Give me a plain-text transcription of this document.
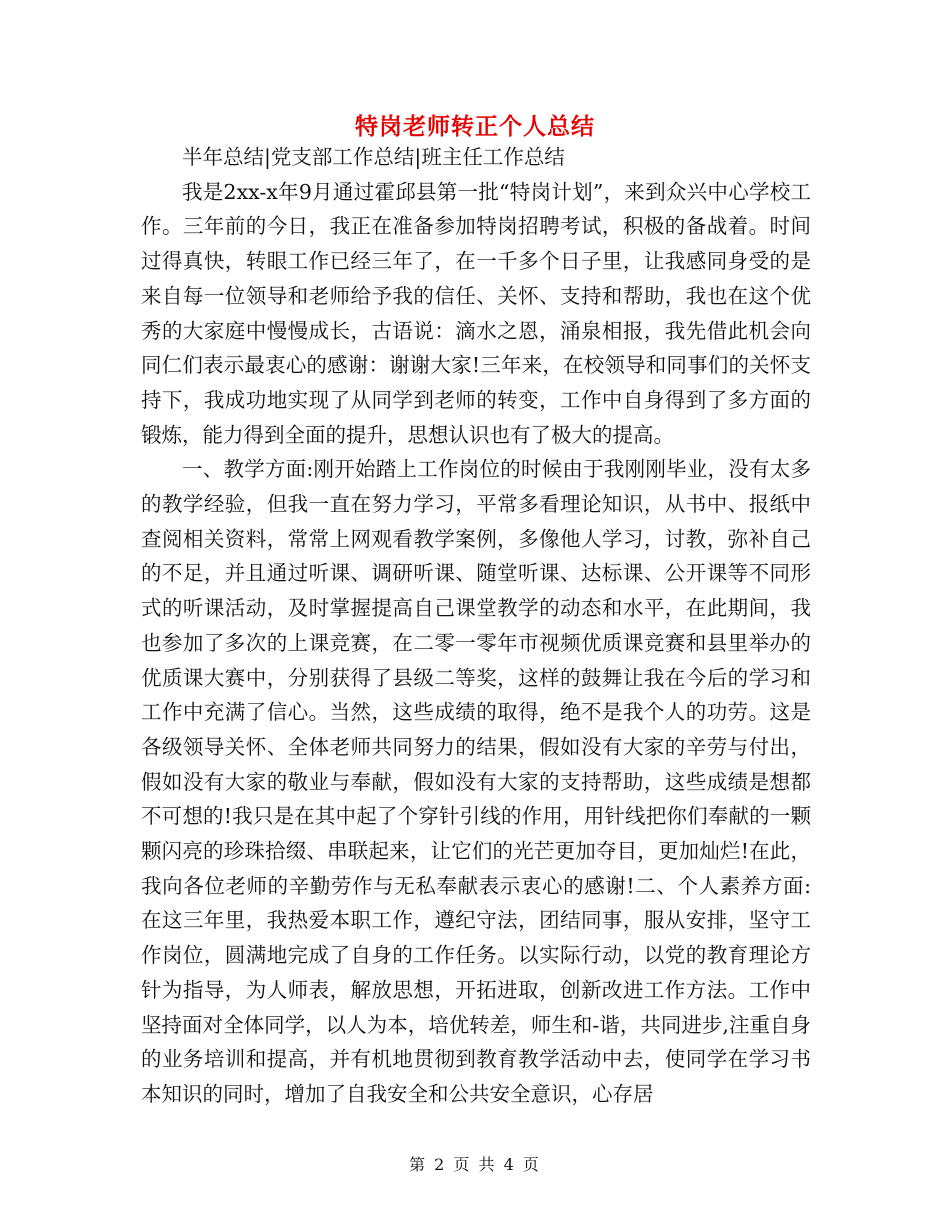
特岗老师转正个人总结

半年总结|党支部工作总结|班主任工作总结

我是2xx-x年9月通过霍邱县第一批“特岗计划”，来到众兴中心学校工作。三年前的今日，我正在准备参加特岗招聘考试，积极的备战着。时间过得真快，转眼工作已经三年了，在一千多个日子里，让我感同身受的是来自每一位领导和老师给予我的信任、关怀、支持和帮助，我也在这个优秀的大家庭中慢慢成长，古语说：滴水之恩，涌泉相报，我先借此机会向同仁们表示最衷心的感谢：谢谢大家!三年来，在校领导和同事们的关怀支持下，我成功地实现了从同学到老师的转变，工作中自身得到了多方面的锻炼，能力得到全面的提升，思想认识也有了极大的提高。

一、教学方面:刚开始踏上工作岗位的时候由于我刚刚毕业，没有太多的教学经验，但我一直在努力学习，平常多看理论知识，从书中、报纸中查阅相关资料，常常上网观看教学案例，多像他人学习，讨教，弥补自己的不足，并且通过听课、调研听课、随堂听课、达标课、公开课等不同形式的听课活动，及时掌握提高自己课堂教学的动态和水平，在此期间，我也参加了多次的上课竞赛，在二零一零年市视频优质课竞赛和县里举办的优质课大赛中，分别获得了县级二等奖，这样的鼓舞让我在今后的学习和工作中充满了信心。当然，这些成绩的取得，绝不是我个人的功劳。这是各级领导关怀、全体老师共同努力的结果，假如没有大家的辛劳与付出，假如没有大家的敬业与奉献，假如没有大家的支持帮助，这些成绩是想都不可想的!我只是在其中起了个穿针引线的作用，用针线把你们奉献的一颗颗闪亮的珍珠拾缀、串联起来，让它们的光芒更加夺目，更加灿烂!在此，我向各位老师的辛勤劳作与无私奉献表示衷心的感谢!二、个人素养方面:在这三年里，我热爱本职工作，遵纪守法，团结同事，服从安排，坚守工作岗位，圆满地完成了自身的工作任务。以实际行动，以党的教育理论方针为指导，为人师表，解放思想，开拓进取，创新改进工作方法。工作中坚持面对全体同学，以人为本，培优转差，师生和-谐，共同进步,注重自身的业务培训和提高，并有机地贯彻到教育教学活动中去，使同学在学习书本知识的同时，增加了自我安全和公共安全意识，心存居

第 2 页 共 4 页
